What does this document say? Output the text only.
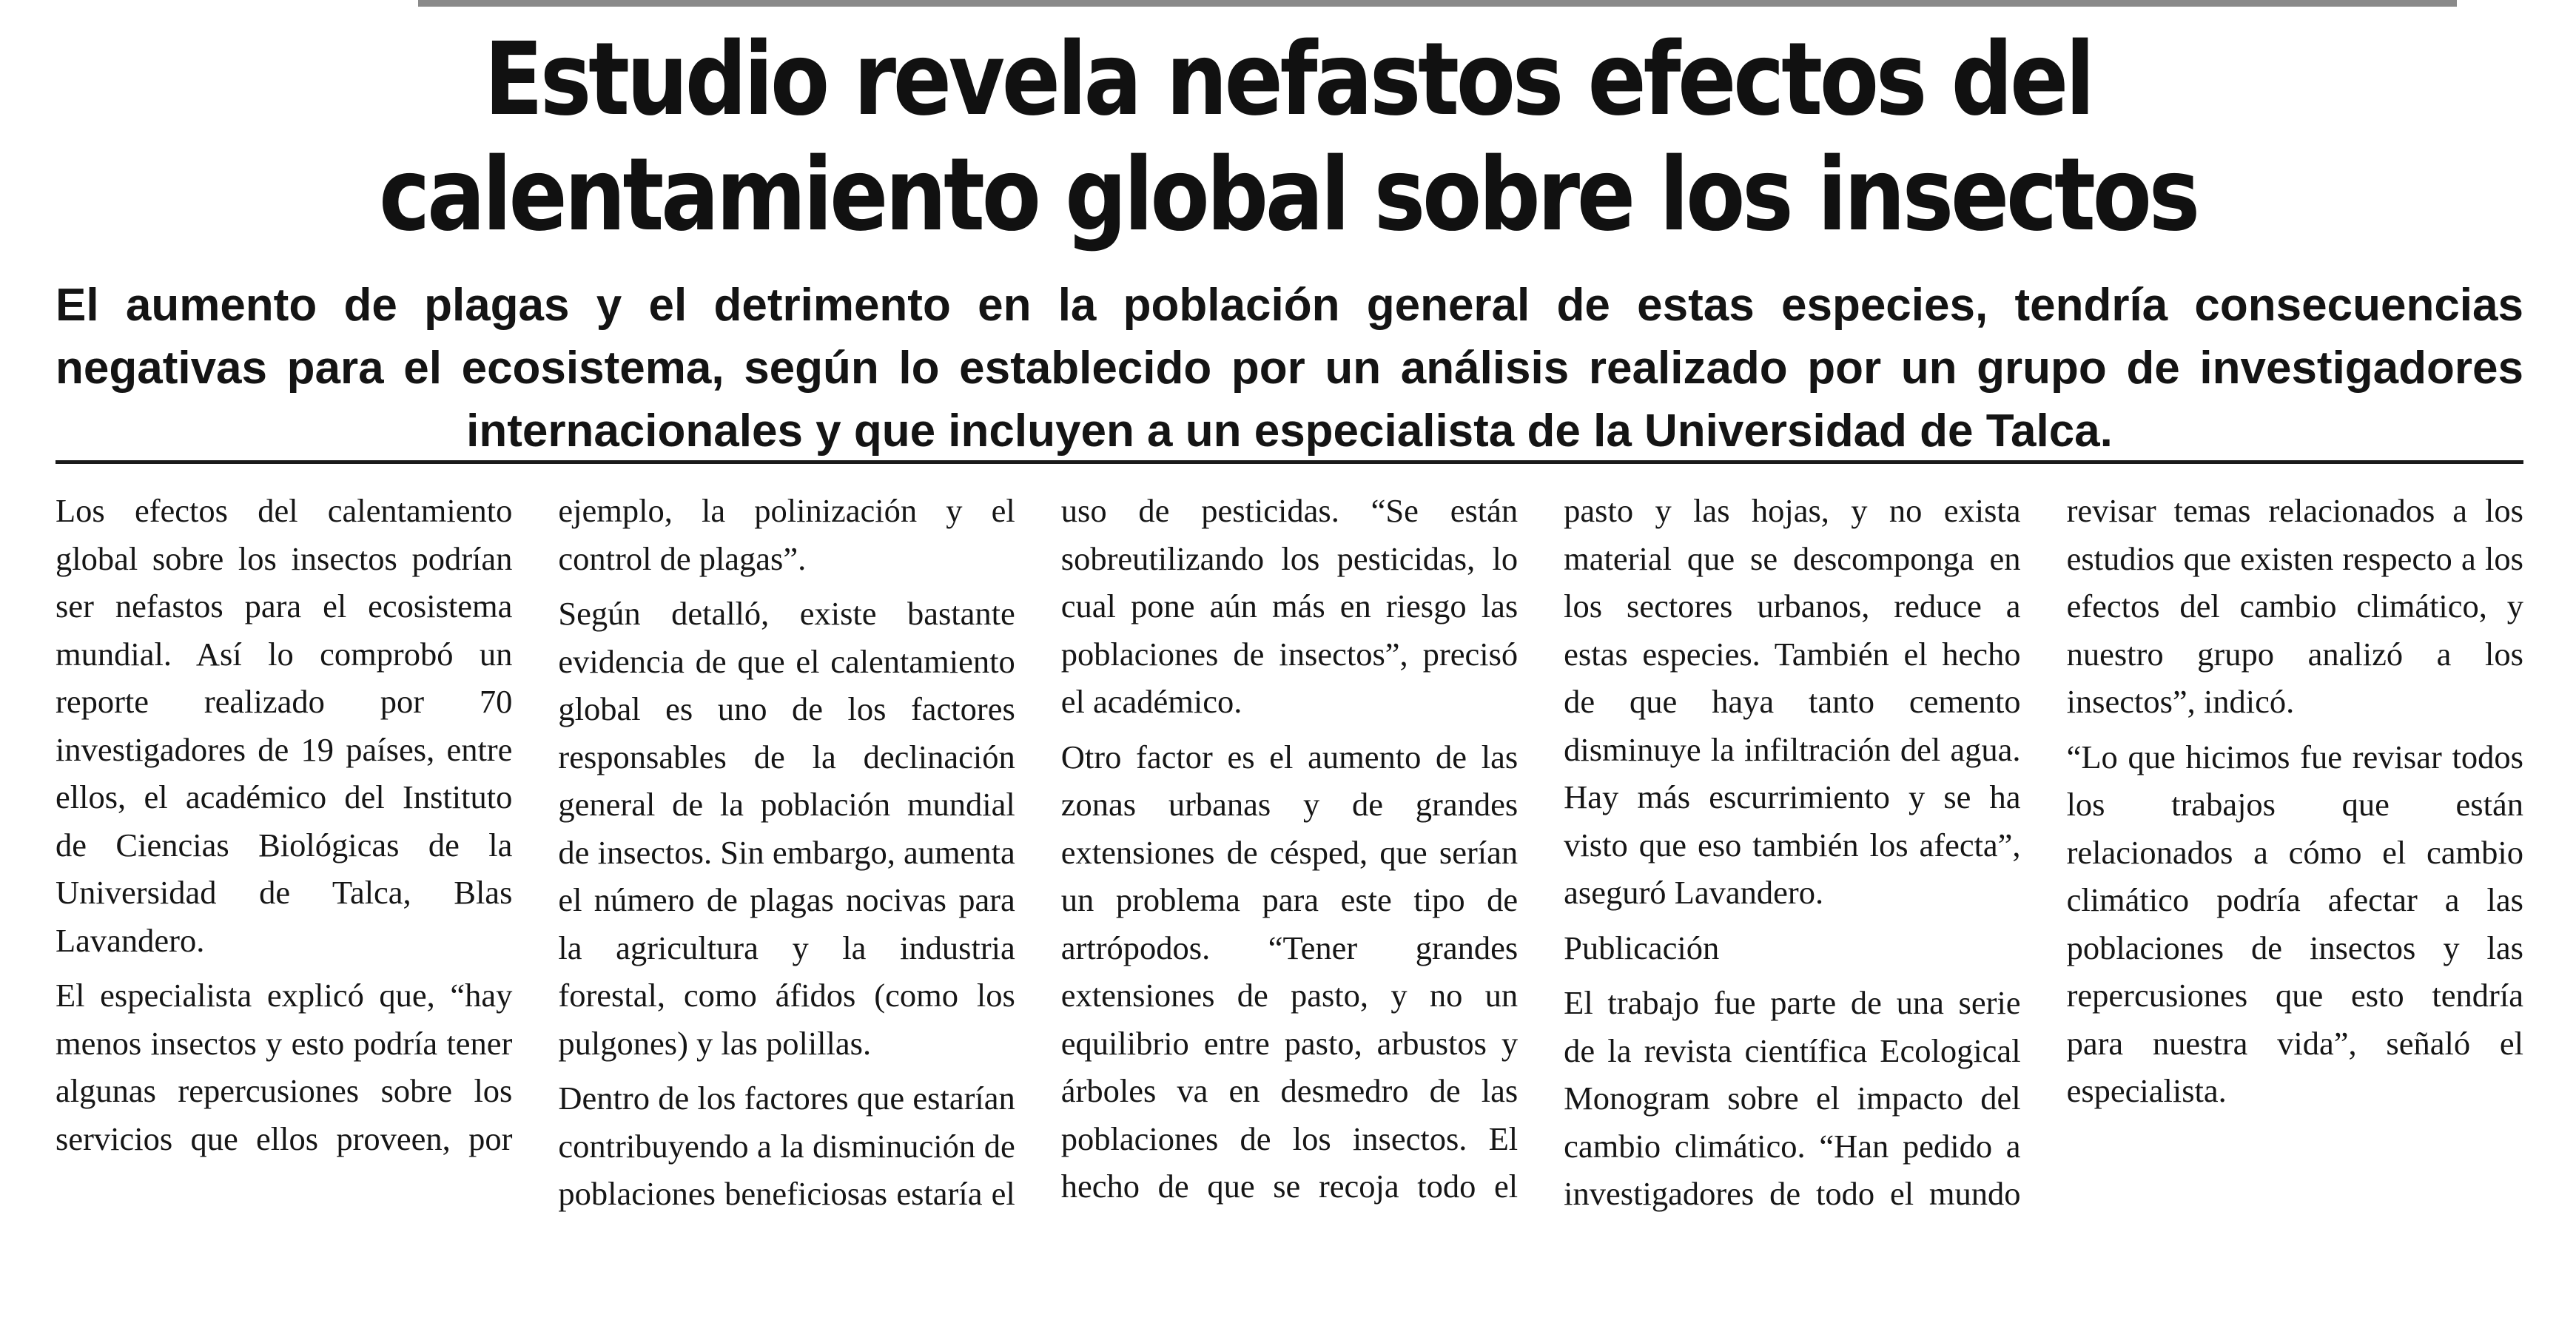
Estudio revela nefastos efectos del
calentamiento global sobre los insectos

El aumento de plagas y el detrimento en la población general de estas especies, tendría consecuencias negativas para el ecosistema, según lo establecido por un análisis realizado por un grupo de investigadores internacionales y que incluyen a un especialista de la Universidad de Talca.

Los efectos del calentamiento global sobre los insectos podrían ser nefastos para el ecosistema mundial. Así lo comprobó un reporte realizado por 70 investigadores de 19 países, entre ellos, el académico del Instituto de Ciencias Biológicas de la Universidad de Talca, Blas Lavandero.

El especialista explicó que, “hay menos insectos y esto podría tener algunas repercusiones sobre los servicios que ellos proveen, por ejemplo, la polinización y el control de plagas”.

Según detalló, existe bastante evidencia de que el calentamiento global es uno de los factores responsables de la declinación general de la población mundial de insectos. Sin embargo, aumenta el número de plagas nocivas para la agricultura y la industria forestal, como áfidos (como los pulgones) y las polillas.

Dentro de los factores que estarían contribuyendo a la disminución de poblaciones beneficiosas estaría el uso de pesticidas. “Se están sobreutilizando los pesticidas, lo cual pone aún más en riesgo las poblaciones de insectos”, precisó el académico.

Otro factor es el aumento de las zonas urbanas y de grandes extensiones de césped, que serían un problema para este tipo de artrópodos. “Tener grandes extensiones de pasto, y no un equilibrio entre pasto, arbustos y árboles va en desmedro de las poblaciones de los insectos. El hecho de que se recoja todo el pasto y las hojas, y no exista material que se descomponga en los sectores urbanos, reduce a estas especies. También el hecho de que haya tanto cemento disminuye la infiltración del agua. Hay más escurrimiento y se ha visto que eso también los afecta”, aseguró Lavandero.

Publicación

El trabajo fue parte de una serie de la revista científica Ecological Monogram sobre el impacto del cambio climático. “Han pedido a investigadores de todo el mundo revisar temas relacionados a los estudios que existen respecto a los efectos del cambio climático, y nuestro grupo analizó a los insectos”, indicó.

“Lo que hicimos fue revisar todos los trabajos que están relacionados a cómo el cambio climático podría afectar a las poblaciones de insectos y las repercusiones que esto tendría para nuestra vida”, señaló el especialista.
